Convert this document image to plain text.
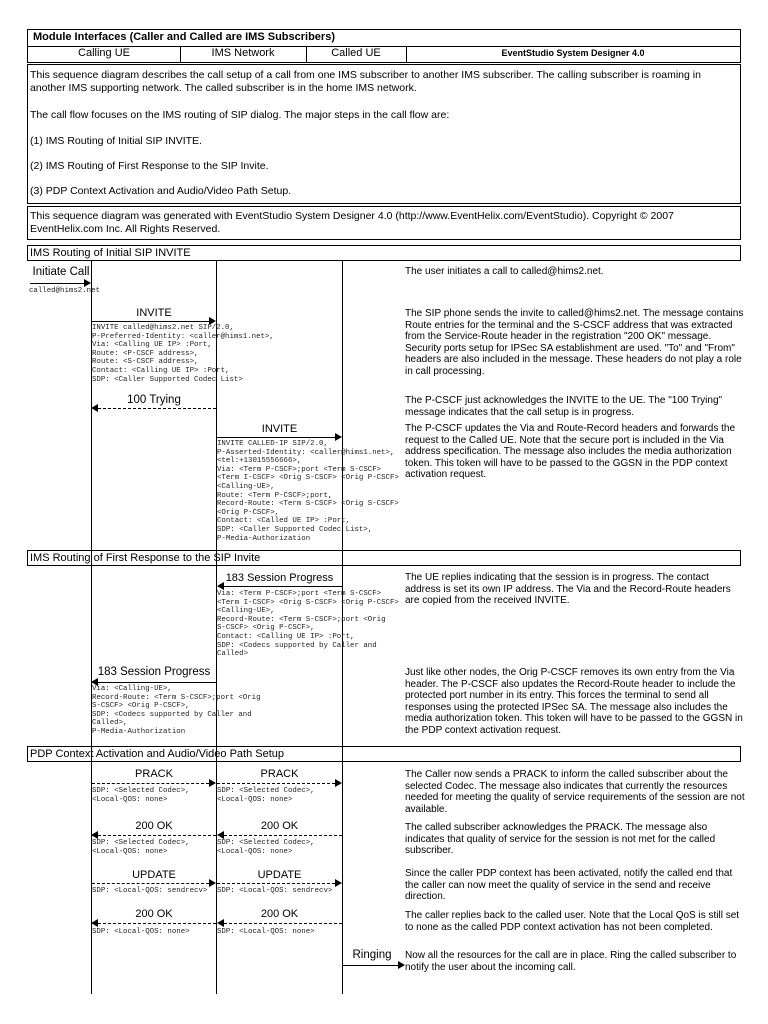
Module Interfaces (Caller and Called are IMS Subscribers)
Calling UE	IMS Network	Called UE	EventStudio System Designer 4.0
This sequence diagram describes the call setup of a call from one IMS subscriber to another IMS subscriber. The calling subscriber is roaming in another IMS supporting network. The called subscriber is in the home IMS network.
The call flow focuses on the IMS routing of SIP dialog. The major steps in the call flow are:
(1) IMS Routing of Initial SIP INVITE.
(2) IMS Routing of First Response to the SIP Invite.
(3) PDP Context Activation and Audio/Video Path Setup.
This sequence diagram was generated with EventStudio System Designer 4.0 (http://www.EventHelix.com/EventStudio). Copyright © 2007 EventHelix.com Inc. All Rights Reserved.
IMS Routing of Initial SIP INVITE
Initiate Call
called@hims2.net
The user initiates a call to called@hims2.net.
INVITE
INVITE called@hims2.net SIP/2.0,
P-Preferred-Identity: <caller@hims1.net>,
Via: <Calling UE IP> :Port,
Route: <P-CSCF address>,
Route: <S-CSCF address>,
Contact: <Calling UE IP> :Port,
SDP: <Caller Supported Codec List>
The SIP phone sends the invite to called@hims2.net. The message contains Route entries for the terminal and the S-CSCF address that was extracted from the Service-Route header in the registration "200 OK" message. Security ports setup for IPSec SA establishment are used. "To" and "From" headers are also included in the message. These headers do not play a role in call processing.
100 Trying	The P-CSCF just acknowledges the INVITE to the UE. The "100 Trying" message indicates that the call setup is in progress.
INVITE
INVITE CALLED-IP SIP/2.0,
P-Asserted-Identity: <caller@hims1.net>,
<tel:+13015556666>,
Via: <Term P-CSCF>;port <Term S-CSCF>
<Term I-CSCF> <Orig S-CSCF> <Orig P-CSCF>
<Calling-UE>,
Route: <Term P-CSCF>;port,
Record-Route: <Term S-CSCF> <Orig S-CSCF>
<Orig P-CSCF>,
Contact: <Called UE IP> :Port,
SDP: <Caller Supported Codec List>,
P-Media-Authorization
The P-CSCF updates the Via and Route-Record headers and forwards the request to the Called UE. Note that the secure port is included in the Via address specification. The message also includes the media authorization token. This token will have to be passed to the GGSN in the PDP context activation request.
IMS Routing of First Response to the SIP Invite
183 Session Progress
Via: <Term P-CSCF>;port <Term S-CSCF>
<Term I-CSCF> <Orig S-CSCF> <Orig P-CSCF>
<Calling-UE>,
Record-Route: <Term S-CSCF>;port <Orig
S-CSCF> <Orig P-CSCF>,
Contact: <Calling UE IP> :Port,
SDP: <Codecs supported by Caller and
Called>
The UE replies indicating that the session is in progress. The contact address is set its own IP address. The Via and the Record-Route headers are copied from the received INVITE.
183 Session Progress
Via: <Calling-UE>,
Record-Route: <Term S-CSCF>;port <Orig
S-CSCF> <Orig P-CSCF>,
SDP: <Codecs supported by Caller and
Called>,
P-Media-Authorization
Just like other nodes, the Orig P-CSCF removes its own entry from the Via header. The P-CSCF also updates the Record-Route header to include the protected port number in its entry. This forces the terminal to send all responses using the protected IPSec SA. The message also includes the media authorization token. This token will have to be passed to the GGSN in the PDP context activation request.
PDP Context Activation and Audio/Video Path Setup
PRACK	PRACK
SDP: <Selected Codec>,
<Local-QOS: none>
SDP: <Selected Codec>,
<Local-QOS: none>
The Caller now sends a PRACK to inform the called subscriber about the selected Codec. The message also indicates that currently the resources needed for meeting the quality of service requirements of the session are not available.
200 OK	200 OK
SDP: <Selected Codec>,
<Local-QOS: none>
SDP: <Selected Codec>,
<Local-QOS: none>
The called subscriber acknowledges the PRACK. The message also indicates that quality of service for the session is not met for the called subscriber.
UPDATE	UPDATE
SDP: <Local-QOS: sendrecv> SDP: <Local-QOS: sendrecv>
Since the caller PDP context has been activated, notify the called end that the caller can now meet the quality of service in the send and receive direction.
200 OK	200 OK
SDP: <Local-QOS: none>	SDP: <Local-QOS: none>
The caller replies back to the called user. Note that the Local QoS is still set to none as the called PDP context activation has not been completed.
Ringing	Now all the resources for the call are in place. Ring the called subscriber to notify the user about the incoming call.
